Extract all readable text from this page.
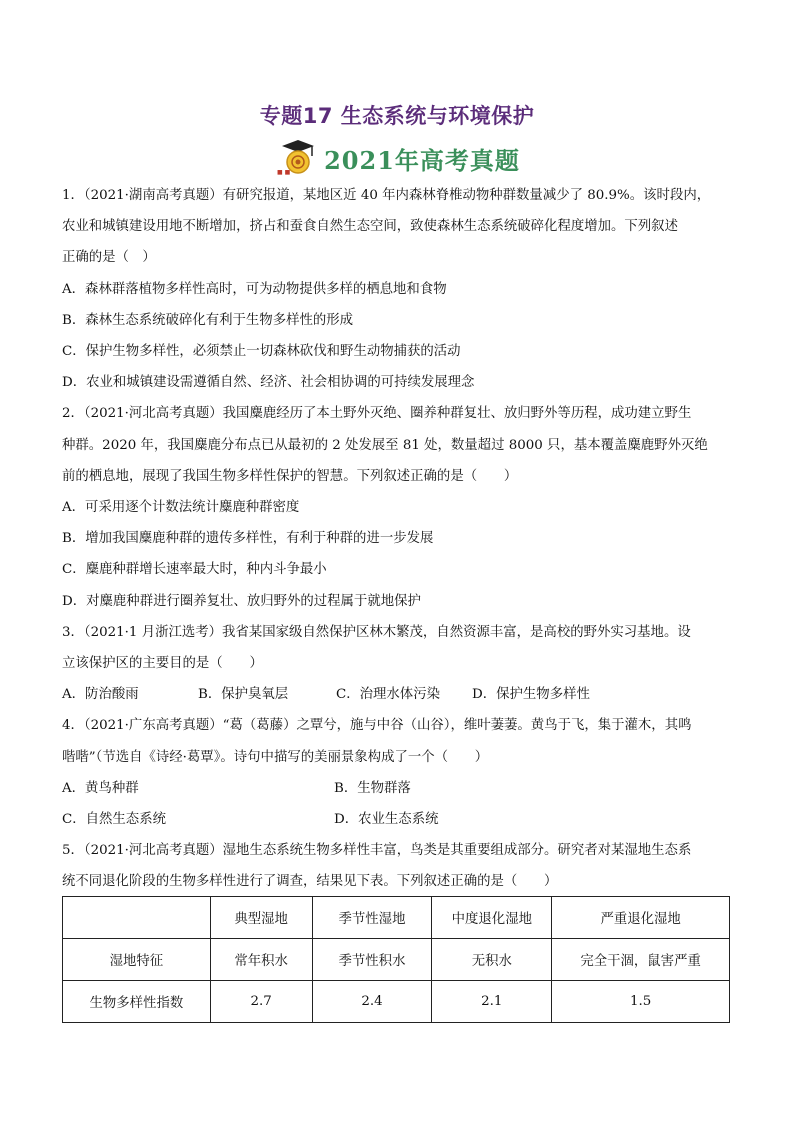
专题17 生态系统与环境保护
■ ■ 2021年高考真题

1．（2021·湖南高考真题）有研究报道，某地区近 40 年内森林脊椎动物种群数量减少了 80.9%。该时段内，

农业和城镇建设用地不断增加，挤占和蚕食自然生态空间，致使森林生态系统破碎化程度增加。下列叙述

正确的是（　）

A．森林群落植物多样性高时，可为动物提供多样的栖息地和食物

B．森林生态系统破碎化有利于生物多样性的形成

C．保护生物多样性，必须禁止一切森林砍伐和野生动物捕获的活动

D．农业和城镇建设需遵循自然、经济、社会相协调的可持续发展理念

2．（2021·河北高考真题）我国麋鹿经历了本土野外灭绝、圈养种群复壮、放归野外等历程，成功建立野生

种群。2020 年，我国麋鹿分布点已从最初的 2 处发展至 81 处，数量超过 8000 只，基本覆盖麋鹿野外灭绝

前的栖息地，展现了我国生物多样性保护的智慧。下列叙述正确的是（　　）

A．可采用逐个计数法统计麋鹿种群密度

B．增加我国麋鹿种群的遗传多样性，有利于种群的进一步发展

C．麋鹿种群增长速率最大时，种内斗争最小

D．对麋鹿种群进行圈养复壮、放归野外的过程属于就地保护

3．（2021·1 月浙江选考）我省某国家级自然保护区林木繁茂，自然资源丰富，是高校的野外实习基地。设

立该保护区的主要目的是（　　）

A．防治酸雨	B．保护臭氧层	C．治理水体污染	D．保护生物多样性

4．（2021·广东高考真题）“葛（葛藤）之覃兮，施与中谷（山谷），维叶萋萋。黄鸟于飞，集于灌木，其鸣

喈喈”（节选自《诗经·葛覃》。诗句中描写的美丽景象构成了一个（　　）

A．黄鸟种群	B．生物群落
C．自然生态系统	D．农业生态系统

5．（2021·河北高考真题）湿地生态系统生物多样性丰富，鸟类是其重要组成部分。研究者对某湿地生态系

统不同退化阶段的生物多样性进行了调查，结果见下表。下列叙述正确的是（　　）

	典型湿地	季节性湿地	中度退化湿地	严重退化湿地
湿地特征	常年积水	季节性积水	无积水	完全干涸，鼠害严重
生物多样性指数	2.7	2.4	2.1	1.5
